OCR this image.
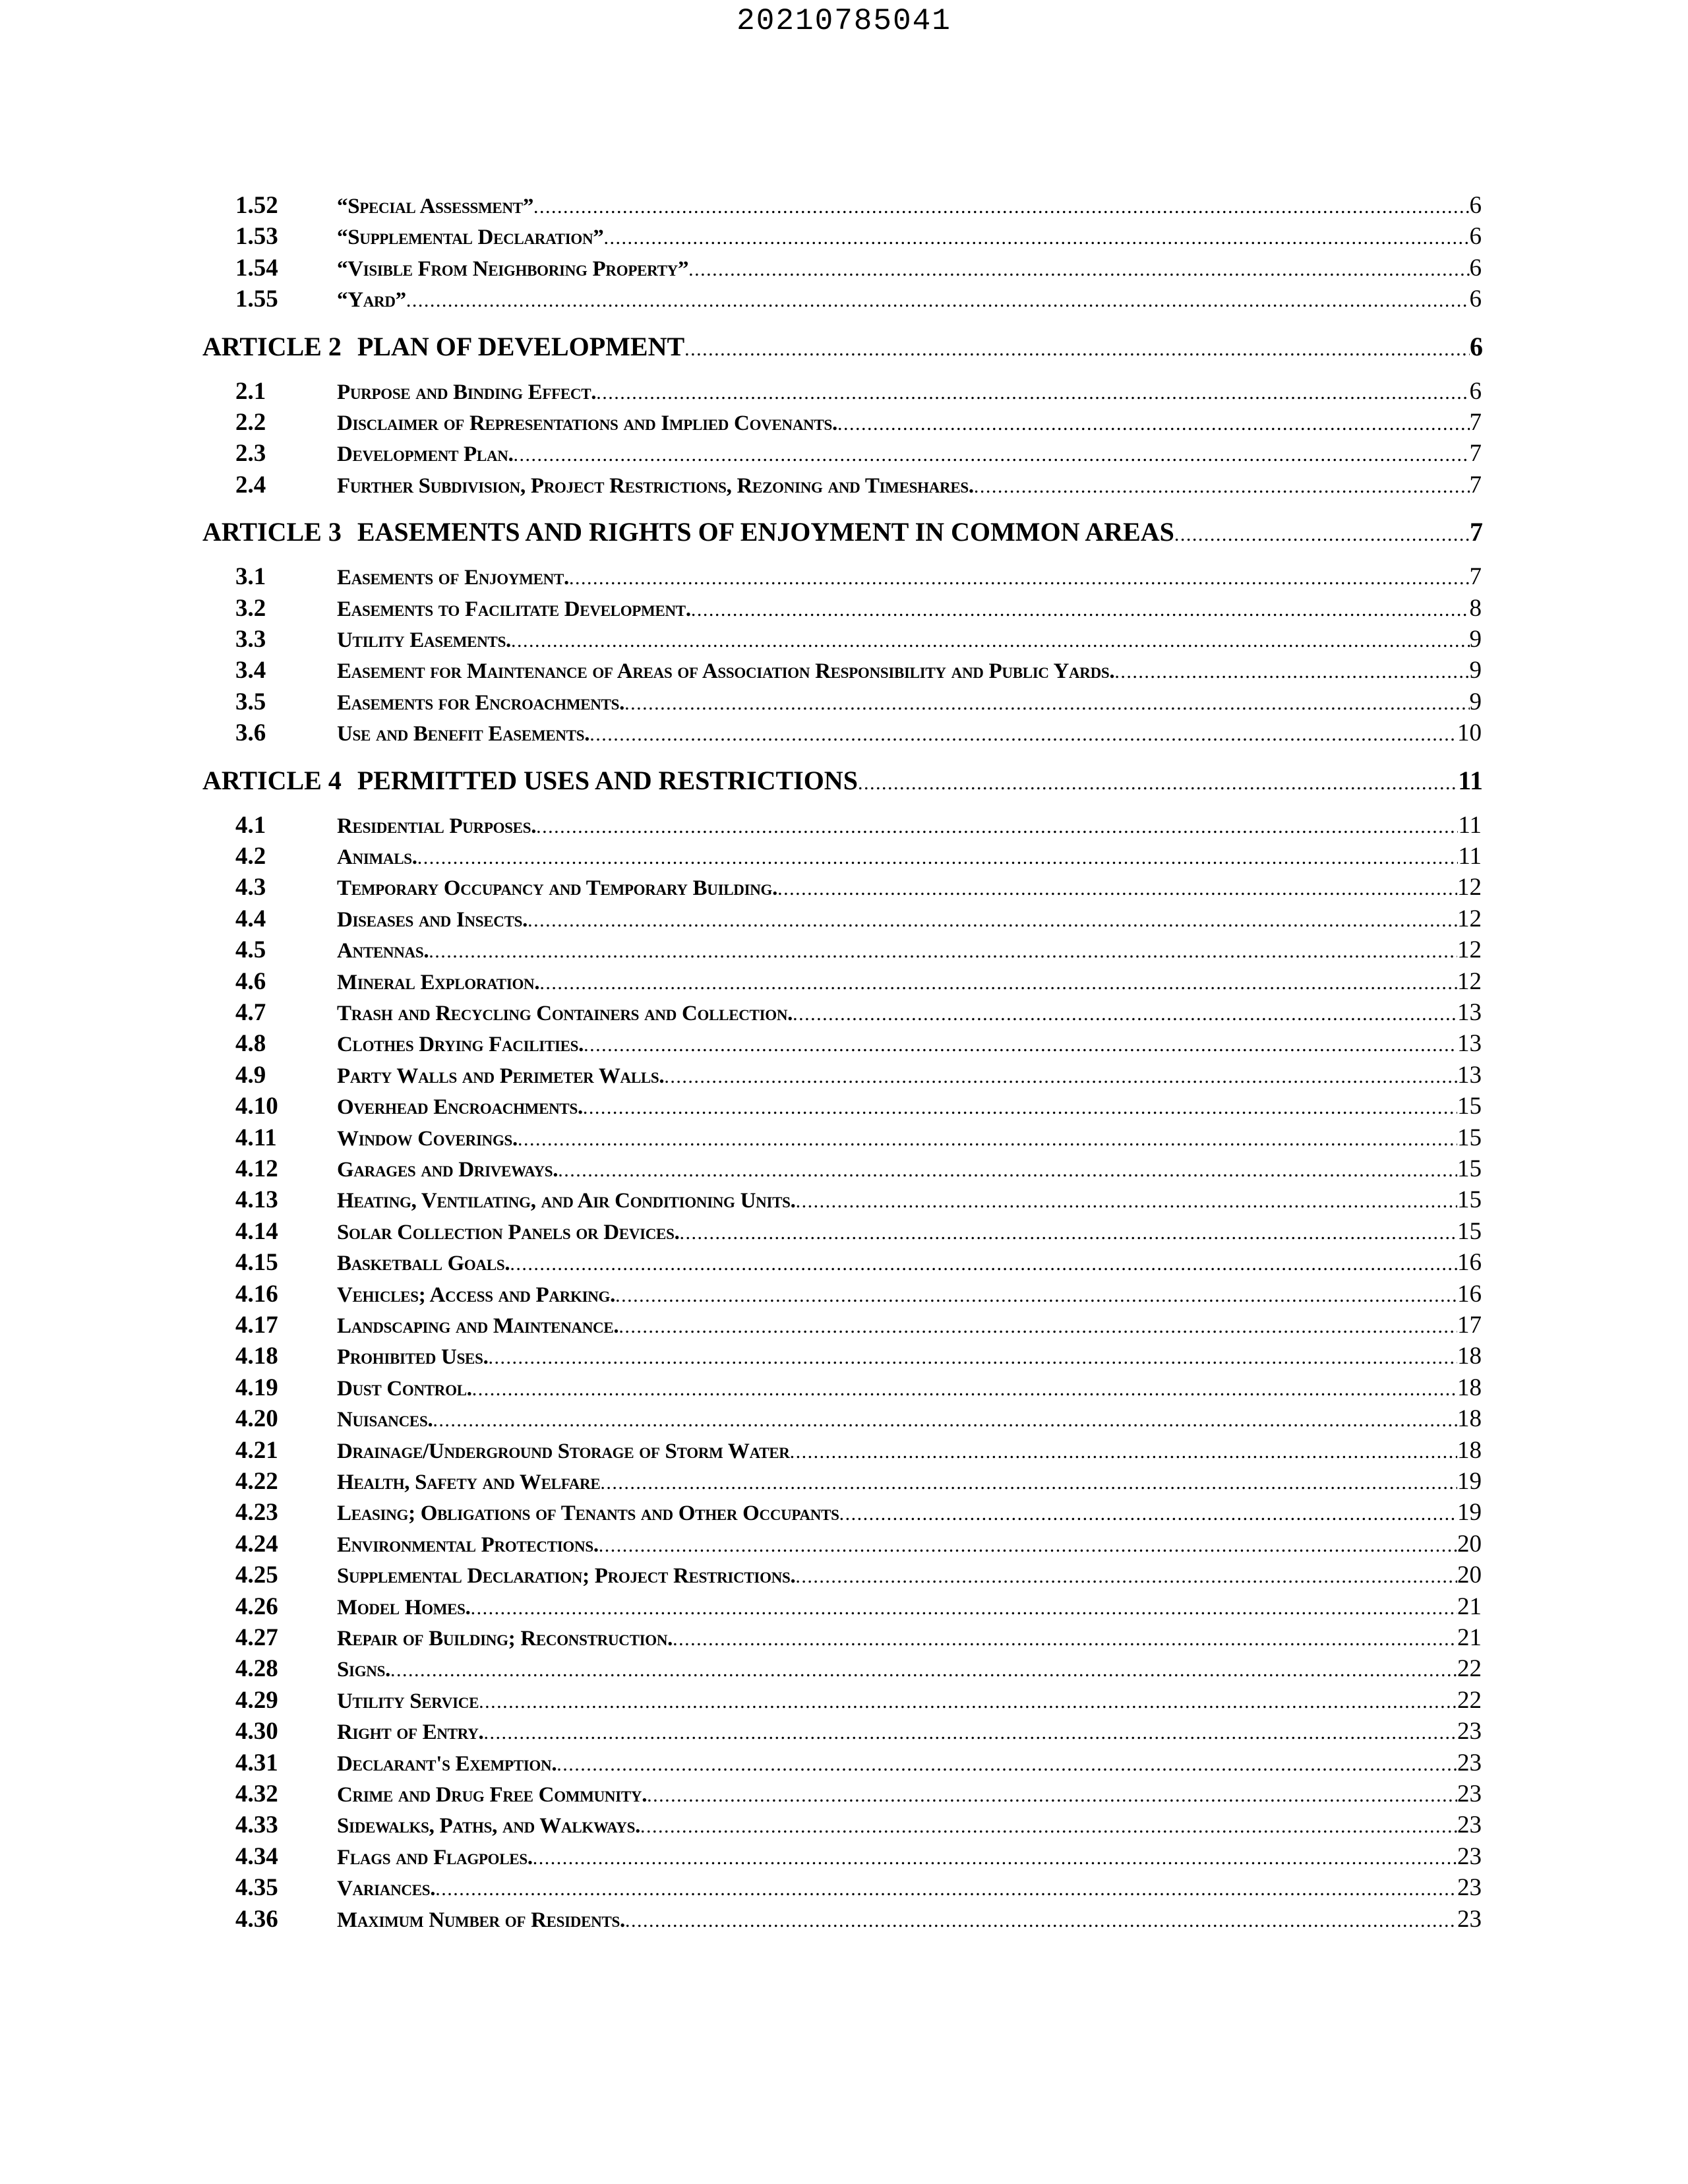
20210785041
1.52	“Special Assessment” .....	6
1.53	“Supplemental Declaration” .....	6
1.54	“Visible From Neighboring Property” .....	6
1.55	“Yard” .....	6
ARTICLE 2 PLAN OF DEVELOPMENT .....	6
2.1	Purpose and Binding Effect. .....	6
2.2	Disclaimer of Representations and Implied Covenants. .....	7
2.3	Development Plan. .....	7
2.4	Further Subdivision, Project Restrictions, Rezoning and Timeshares. .....	7
ARTICLE 3 EASEMENTS AND RIGHTS OF ENJOYMENT IN COMMON AREAS .....	7
3.1	Easements of Enjoyment. .....	7
3.2	Easements to Facilitate Development. .....	8
3.3	Utility Easements. .....	9
3.4	Easement for Maintenance of Areas of Association Responsibility and Public Yards. .....	9
3.5	Easements for Encroachments. .....	9
3.6	Use and Benefit Easements. .....	10
ARTICLE 4 PERMITTED USES AND RESTRICTIONS .....	11
4.1	Residential Purposes. .....	11
4.2	Animals. .....	11
4.3	Temporary Occupancy and Temporary Building. .....	12
4.4	Diseases and Insects. .....	12
4.5	Antennas. .....	12
4.6	Mineral Exploration. .....	12
4.7	Trash and Recycling Containers and Collection. .....	13
4.8	Clothes Drying Facilities. .....	13
4.9	Party Walls and Perimeter Walls. .....	13
4.10	Overhead Encroachments. .....	15
4.11	Window Coverings. .....	15
4.12	Garages and Driveways. .....	15
4.13	Heating, Ventilating, and Air Conditioning Units. .....	15
4.14	Solar Collection Panels or Devices. .....	15
4.15	Basketball Goals. .....	16
4.16	Vehicles; Access and Parking. .....	16
4.17	Landscaping and Maintenance. .....	17
4.18	Prohibited Uses. .....	18
4.19	Dust Control. .....	18
4.20	Nuisances. .....	18
4.21	Drainage/Underground Storage of Storm Water .....	18
4.22	Health, Safety and Welfare .....	19
4.23	Leasing; Obligations of Tenants and Other Occupants .....	19
4.24	Environmental Protections. .....	20
4.25	Supplemental Declaration; Project Restrictions. .....	20
4.26	Model Homes. .....	21
4.27	Repair of Building; Reconstruction. .....	21
4.28	Signs. .....	22
4.29	Utility Service .....	22
4.30	Right of Entry. .....	23
4.31	Declarant's Exemption. .....	23
4.32	Crime and Drug Free Community. .....	23
4.33	Sidewalks, Paths, and Walkways. .....	23
4.34	Flags and Flagpoles. .....	23
4.35	Variances. .....	23
4.36	Maximum Number of Residents. .....	23
